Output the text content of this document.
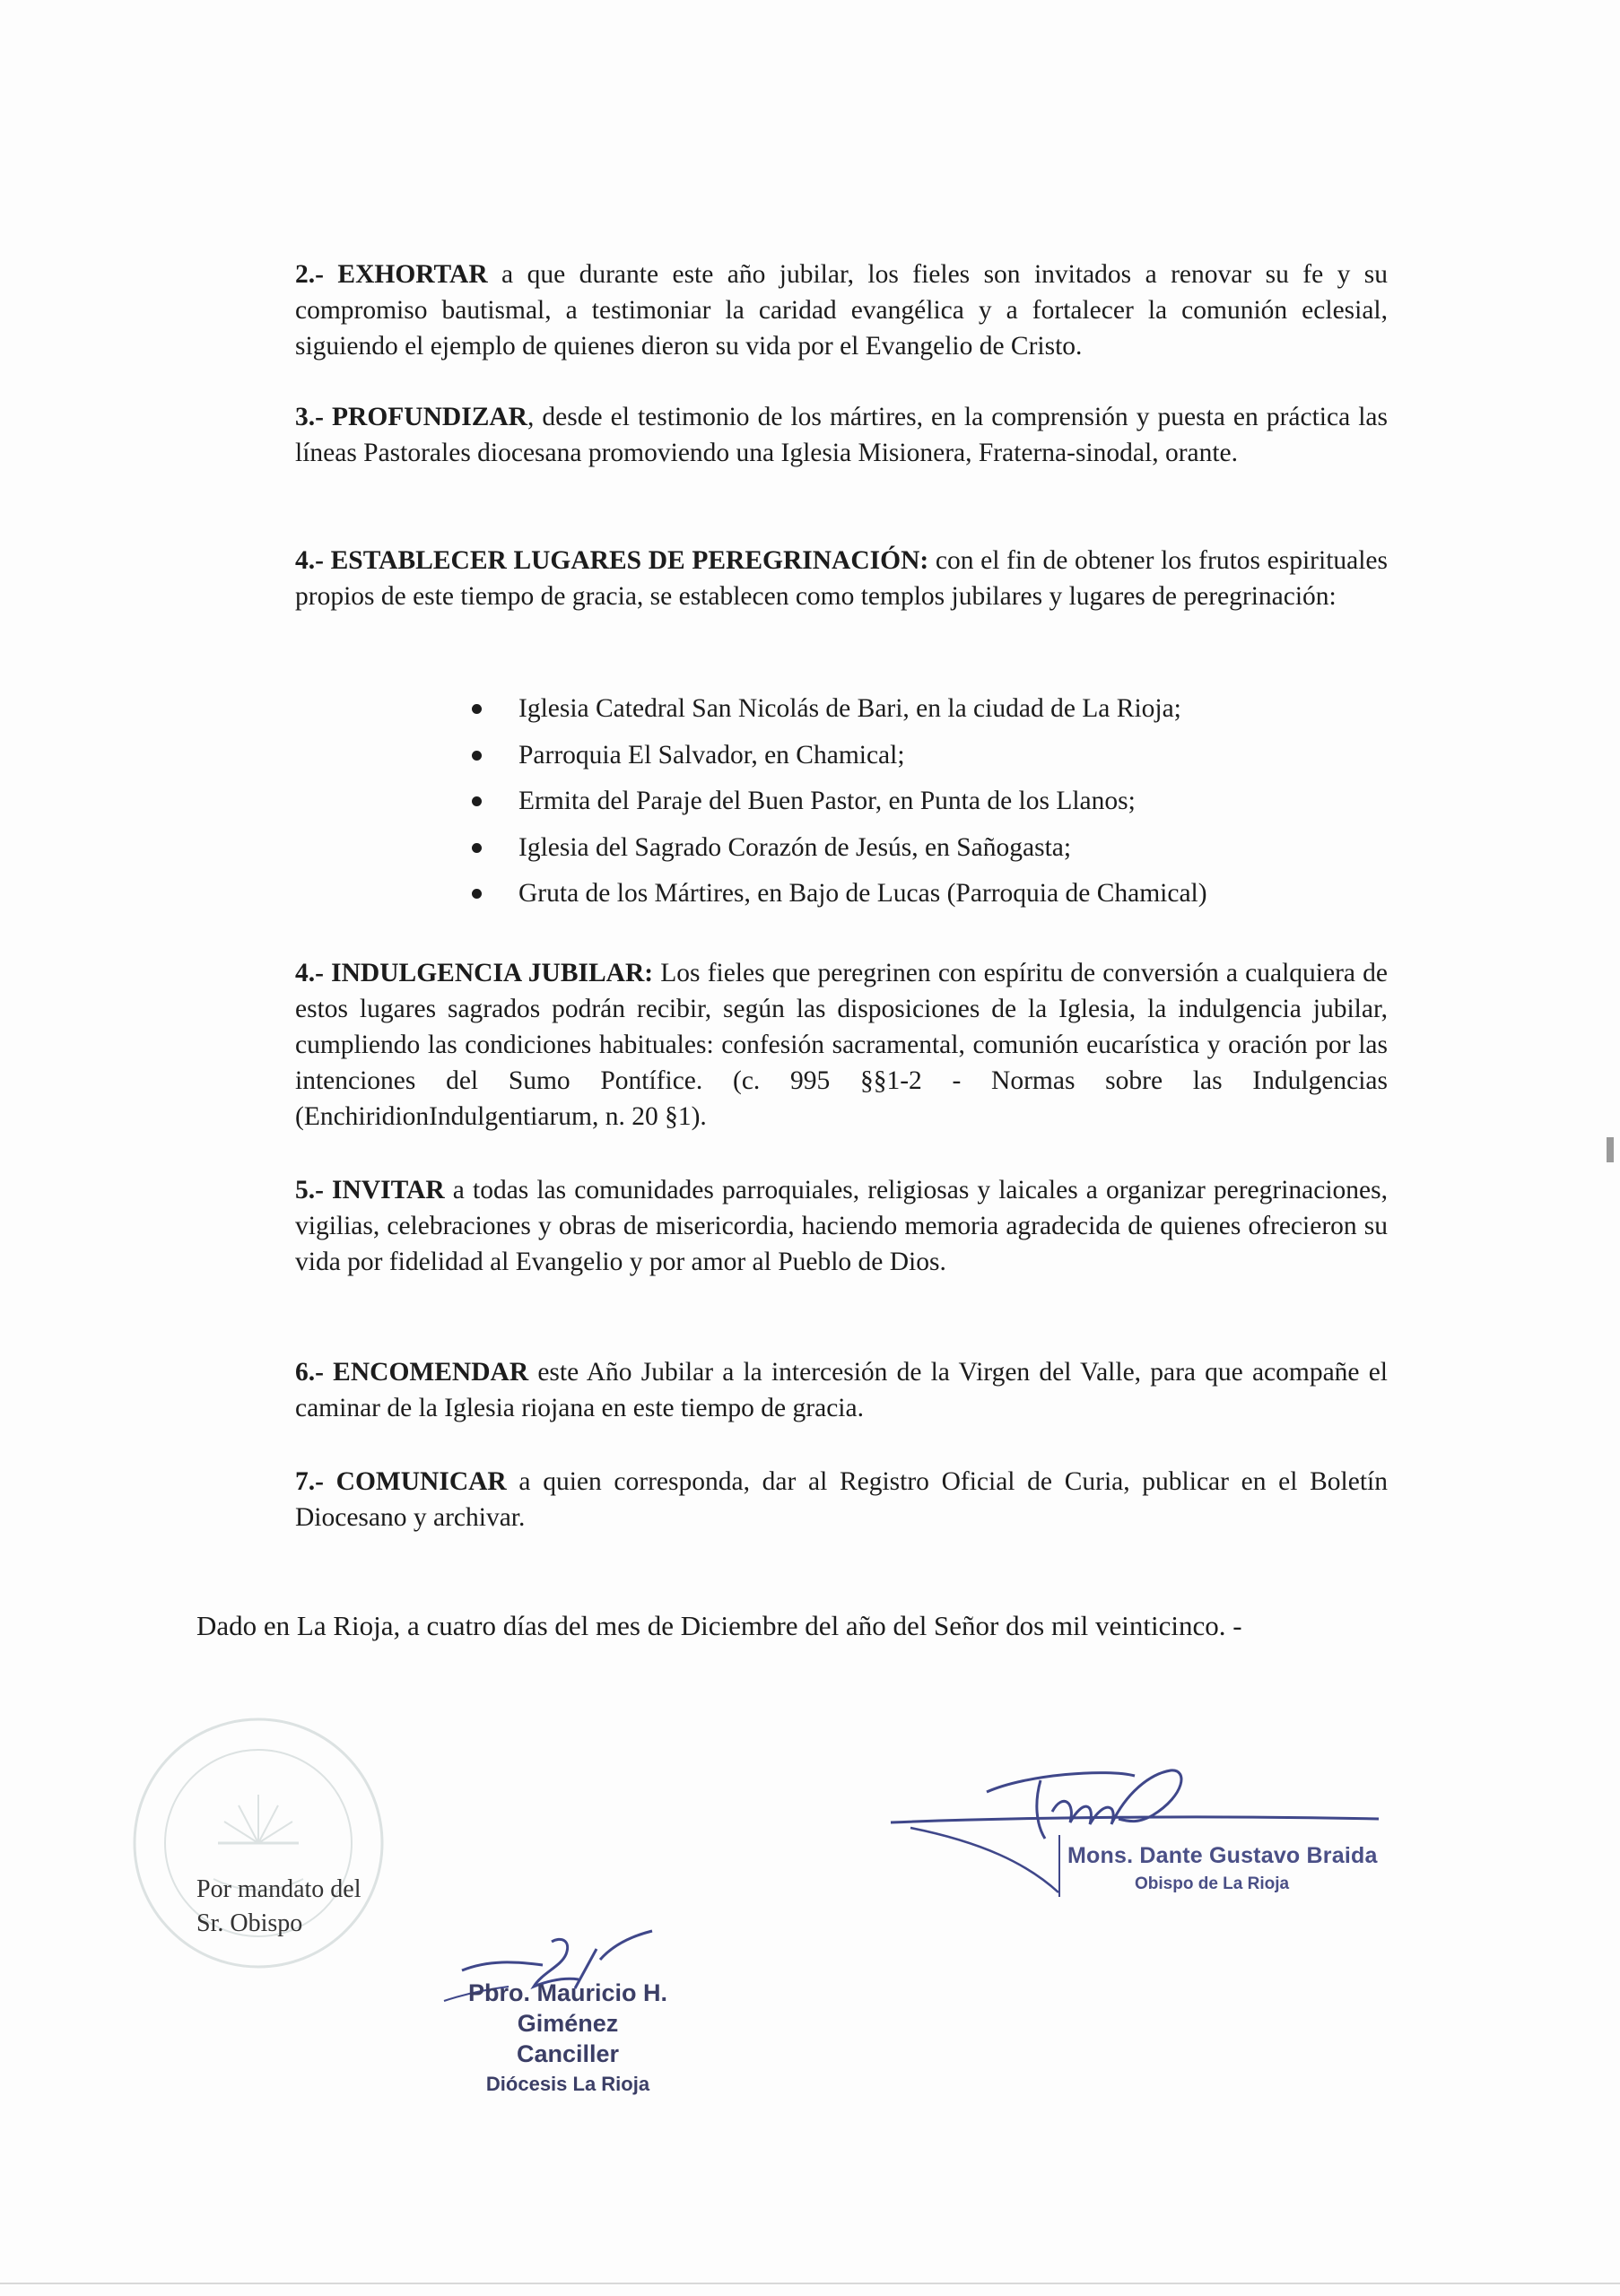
2.- EXHORTAR a que durante este año jubilar, los fieles son invitados a renovar su fe y su compromiso bautismal, a testimoniar la caridad evangélica y a fortalecer la comunión eclesial, siguiendo el ejemplo de quienes dieron su vida por el Evangelio de Cristo.

3.- PROFUNDIZAR, desde el testimonio de los mártires, en la comprensión y puesta en práctica las líneas Pastorales diocesana promoviendo una Iglesia Misionera, Fraterna-sinodal, orante.

4.- ESTABLECER LUGARES DE PEREGRINACIÓN: con el fin de obtener los frutos espirituales propios de este tiempo de gracia, se establecen como templos jubilares y lugares de peregrinación:

Iglesia Catedral San Nicolás de Bari, en la ciudad de La Rioja;
Parroquia El Salvador, en Chamical;
Ermita del Paraje del Buen Pastor, en Punta de los Llanos;
Iglesia del Sagrado Corazón de Jesús, en Sañogasta;
Gruta de los Mártires, en Bajo de Lucas (Parroquia de Chamical)

4.- INDULGENCIA JUBILAR: Los fieles que peregrinen con espíritu de conversión a cualquiera de estos lugares sagrados podrán recibir, según las disposiciones de la Iglesia, la indulgencia jubilar, cumpliendo las condiciones habituales: confesión sacramental, comunión eucarística y oración por las intenciones del Sumo Pontífice. (c. 995 §§1-2 - Normas sobre las Indulgencias (EnchiridionIndulgentiarum, n. 20 §1).

5.- INVITAR a todas las comunidades parroquiales, religiosas y laicales a organizar peregrinaciones, vigilias, celebraciones y obras de misericordia, haciendo memoria agradecida de quienes ofrecieron su vida por fidelidad al Evangelio y por amor al Pueblo de Dios.

6.- ENCOMENDAR este Año Jubilar a la intercesión de la Virgen del Valle, para que acompañe el caminar de la Iglesia riojana en este tiempo de gracia.

7.- COMUNICAR a quien corresponda, dar al Registro Oficial de Curia, publicar en el Boletín Diocesano y archivar.

Dado en La Rioja, a cuatro días del mes de Diciembre del año del Señor dos mil veinticinco. -

Por mandato del
Sr. Obispo
Mons. Dante Gustavo Braida
Obispo de La Rioja
Pbro. Mauricio H. Giménez
Canciller
Diócesis La Rioja
